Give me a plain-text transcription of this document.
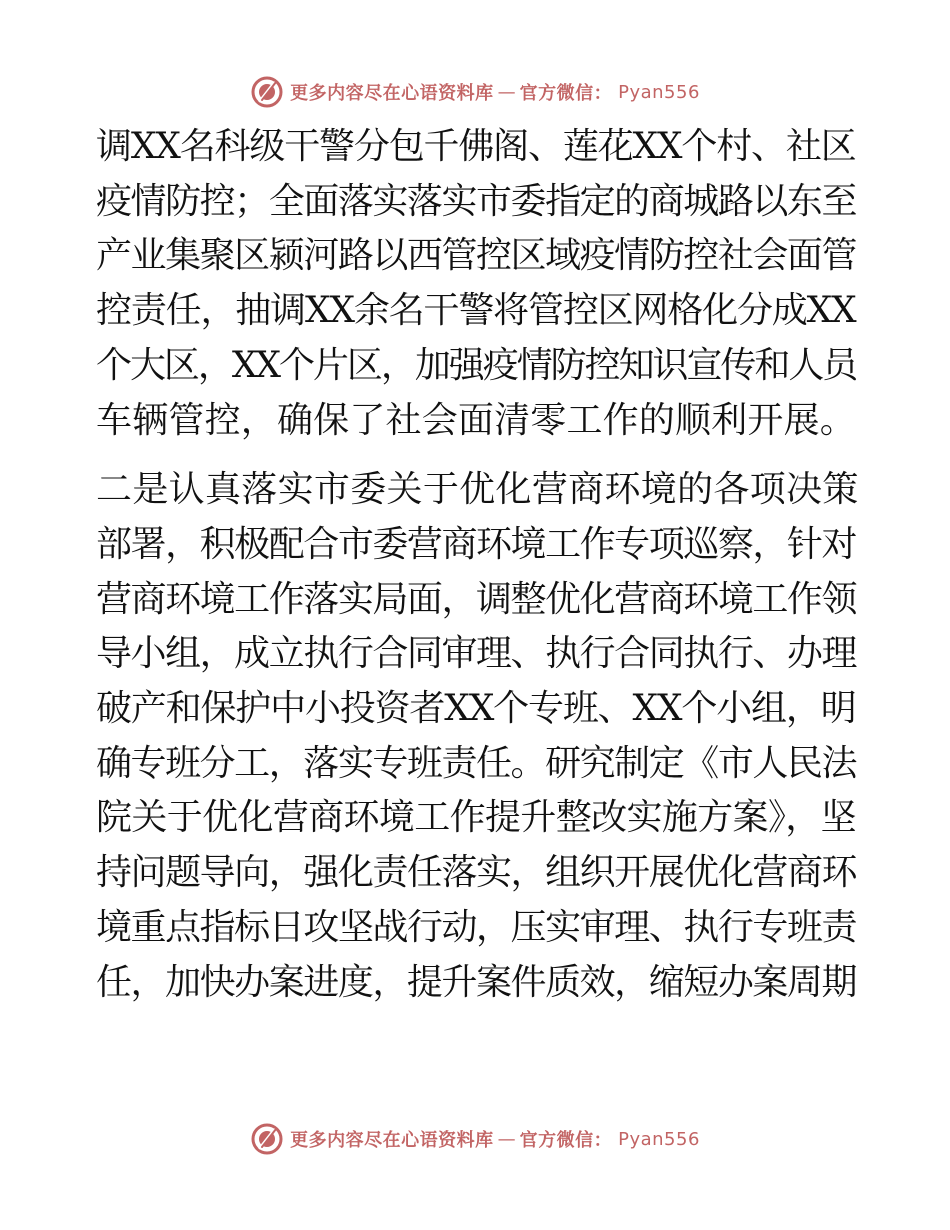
更多内容尽在心语资料库 — 官方微信： Pyan556

调XX名科级干警分包千佛阁、莲花XX个村、社区
疫情防控；全面落实落实市委指定的商城路以东至
产业集聚区颍河路以西管控区域疫情防控社会面管
控责任，抽调XX余名干警将管控区网格化分成XX
个大区，XX个片区，加强疫情防控知识宣传和人员
车辆管控，确保了社会面清零工作的顺利开展。

二是认真落实市委关于优化营商环境的各项决策
部署，积极配合市委营商环境工作专项巡察，针对
营商环境工作落实局面，调整优化营商环境工作领
导小组，成立执行合同审理、执行合同执行、办理
破产和保护中小投资者XX个专班、XX个小组，明
确专班分工，落实专班责任。研究制定《市人民法
院关于优化营商环境工作提升整改实施方案》，坚
持问题导向，强化责任落实，组织开展优化营商环
境重点指标日攻坚战行动，压实审理、执行专班责
任，加快办案进度，提升案件质效，缩短办案周期

更多内容尽在心语资料库 — 官方微信： Pyan556
